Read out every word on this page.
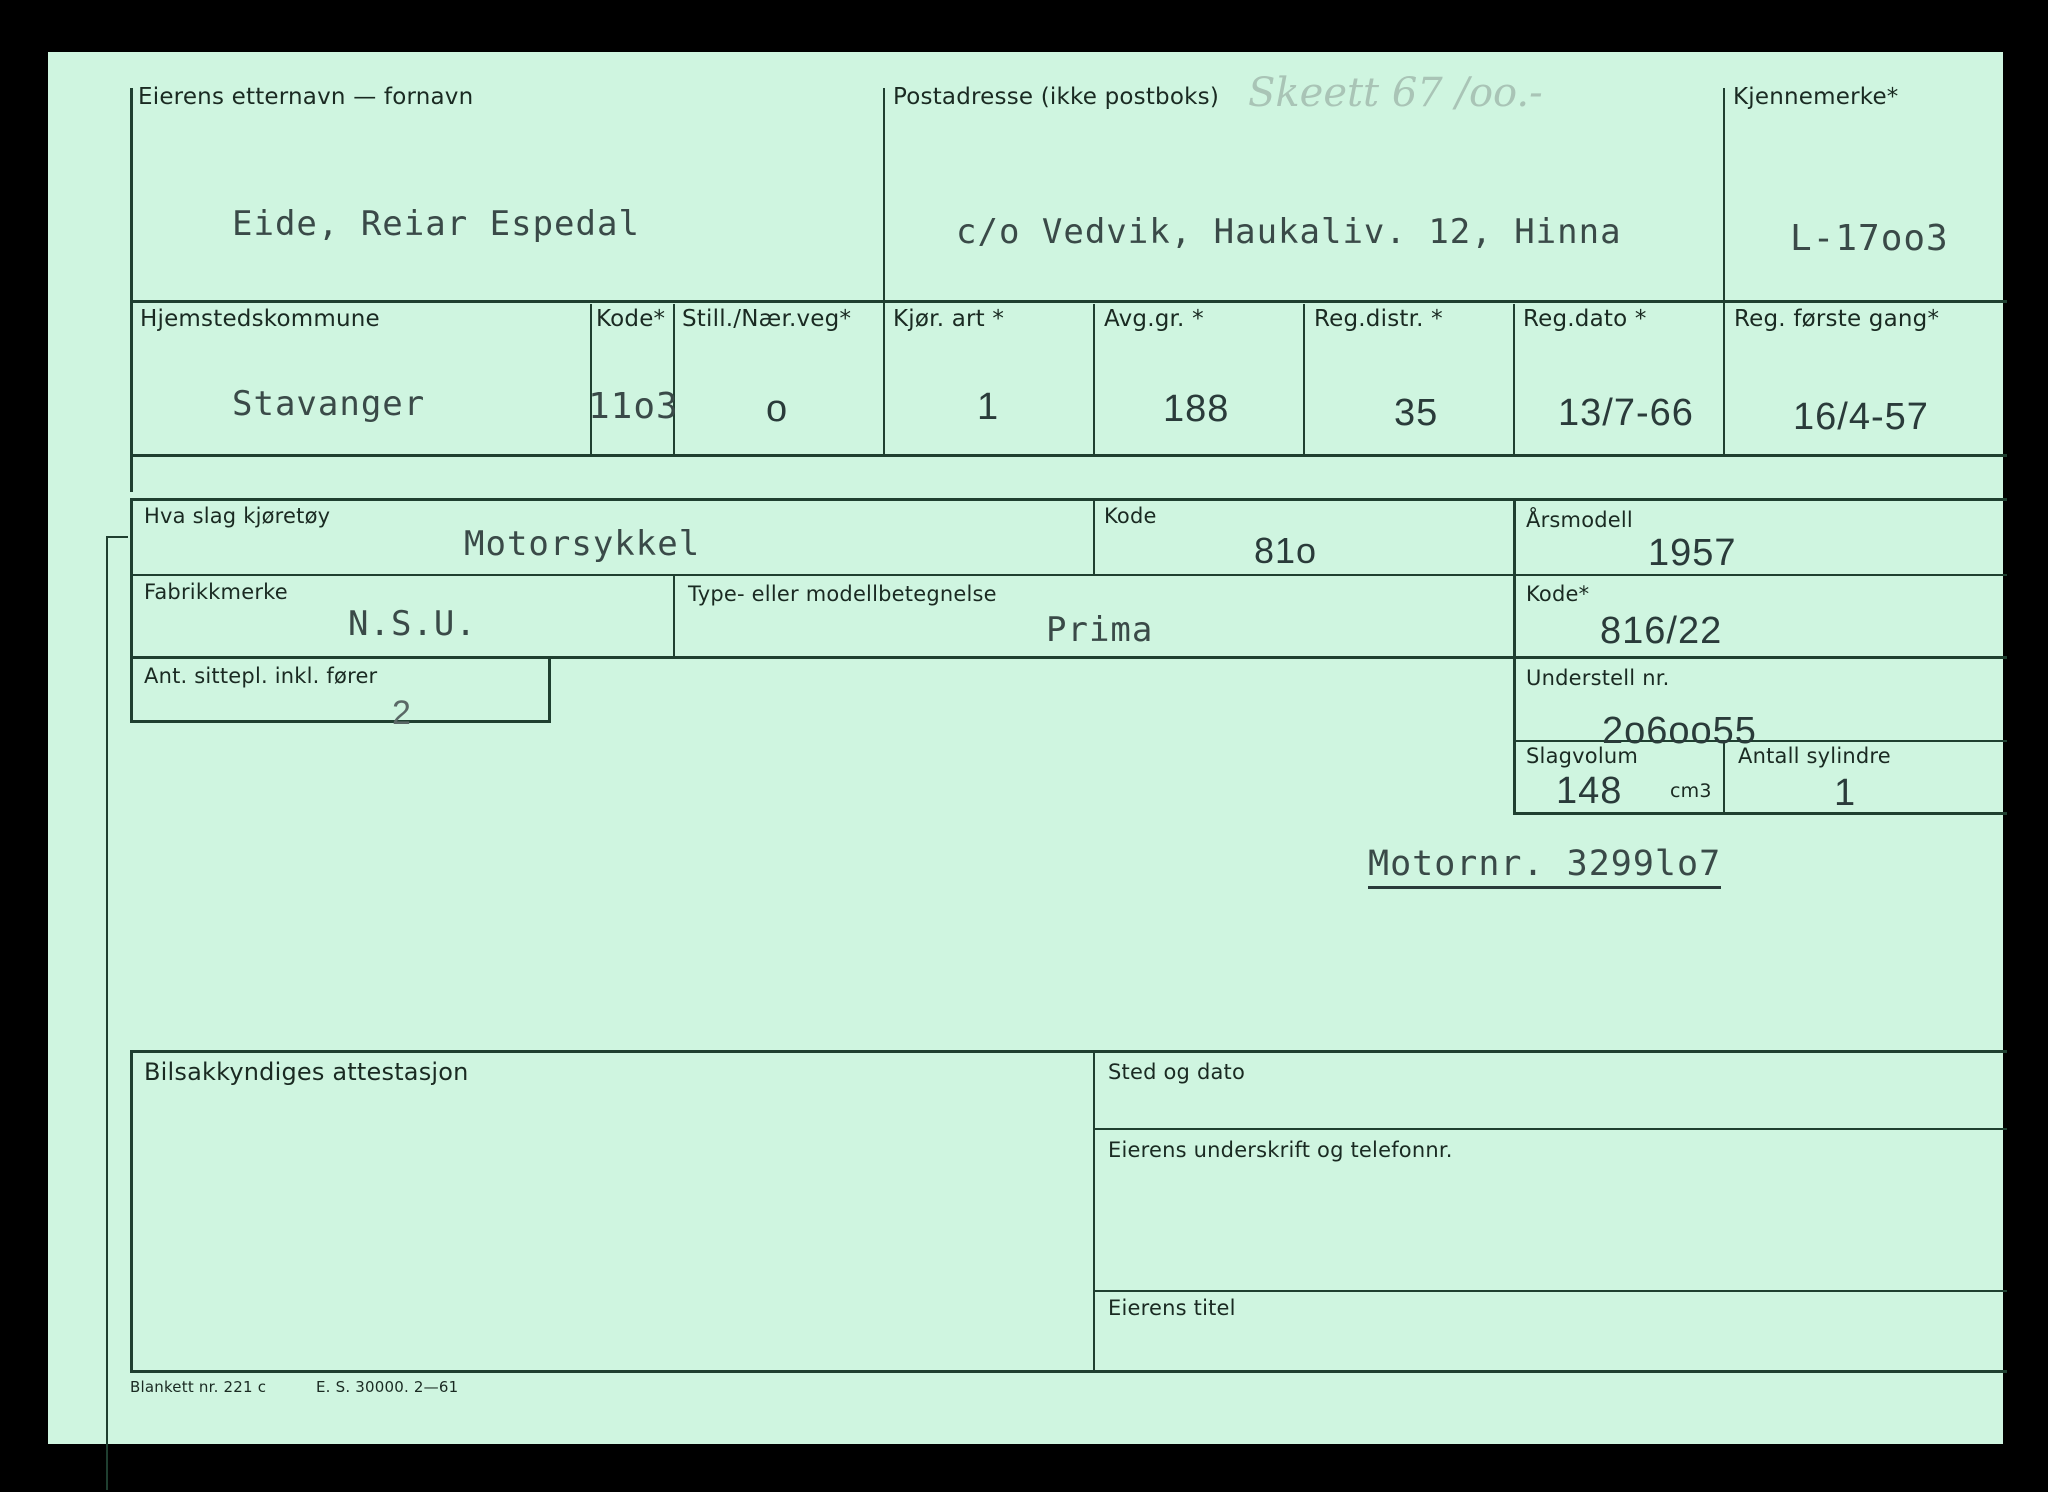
Eierens etternavn — fornavn
Eide, Reiar Espedal
Postadresse (ikke postboks) Skeett 67 /oo.-
c/o Vedvik, Haukaliv. 12, Hinna
Kjennemerke*
L-17oo3
Hjemstedskommune
Stavanger
Kode*
11o3
Still./Nær.veg*
o
Kjør. art *
1
Avg.gr. *
188
Reg.distr. *
35
Reg.dato *
13/7-66
Reg. første gang*
16/4-57
Hva slag kjøretøy
Motorsykkel
Kode
81o
Årsmodell
1957
Fabrikkmerke
N.S.U.
Type- eller modellbetegnelse
Prima
Kode*
816/22
Ant. sittepl. inkl. fører
2
Understell nr.
2o6oo55
Slagvolum
148	cm3
Antall sylindre
1
Motornr. 3299lo7
Bilsakkyndiges attestasjon	Sted og dato
Eierens underskrift og telefonnr.
Eierens titel
Blankett nr. 221 c	E. S. 30000. 2—61
